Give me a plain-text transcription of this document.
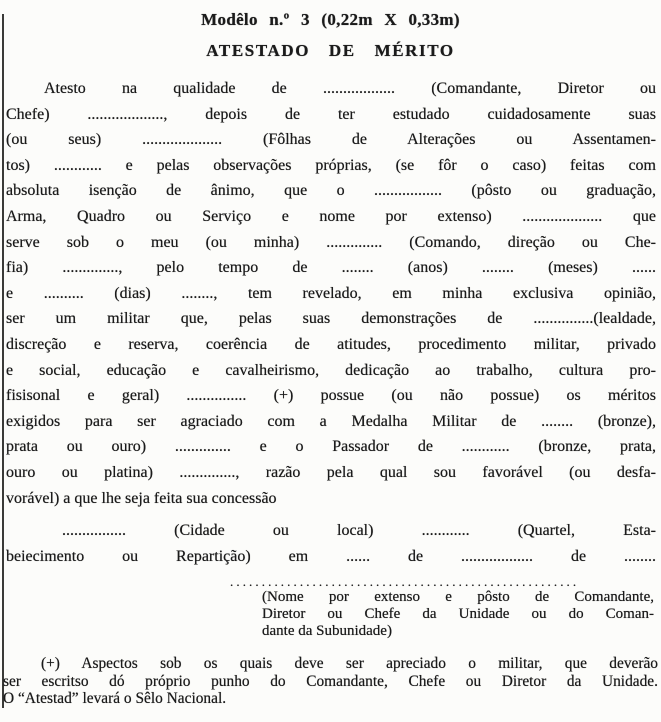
Modêlo n.º 3 (0,22m X 0,33m)
ATESTADO DE MÉRITO
Atesto na qualidade de .................. (Comandante, Diretor ou
Chefe) ..................., depois de ter estudado cuidadosamente suas
(ou seus) .................... (Fôlhas de Alterações ou Assentamen-
tos) ............ e pelas observações próprias, (se fôr o caso) feitas com
absoluta isenção de ânimo, que o ................. (pôsto ou graduação,
Arma, Quadro ou Serviço e nome por extenso) .................... que
serve sob o meu (ou minha) .............. (Comando, direção ou Che-
fia) .............., pelo tempo de ........ (anos) ........ (meses) ......
e .......... (dias) ........, tem revelado, em minha exclusiva opinião,
ser um militar que, pelas suas demonstrações de ...............(lealdade,
discreção e reserva, coerência de atitudes, procedimento militar, privado
e social, educação e cavalheirismo, dedicação ao trabalho, cultura pro-
fisisonal e geral) ............... (+) possue (ou não possue) os méritos
exigidos para ser agraciado com a Medalha Militar de ........ (bronze),
prata ou ouro) .............. e o Passador de ............ (bronze, prata,
ouro ou platina) .............., razão pela qual sou favorável (ou desfa-
vorável) a que lhe seja feita sua concessão
................ (Cidade ou local) ............ (Quartel, Esta-
beiecimento ou Repartição) em ...... de .................. de ........
.......................................................
(Nome por extenso e pôsto de Comandante,
Diretor ou Chefe da Unidade ou do Coman-
dante da Subunidade)
(+) Aspectos sob os quais deve ser apreciado o militar, que deverão
ser escritso dó próprio punho do Comandante, Chefe ou Diretor da Unidade.
O “Atestad” levará o Sêlo Nacional.
